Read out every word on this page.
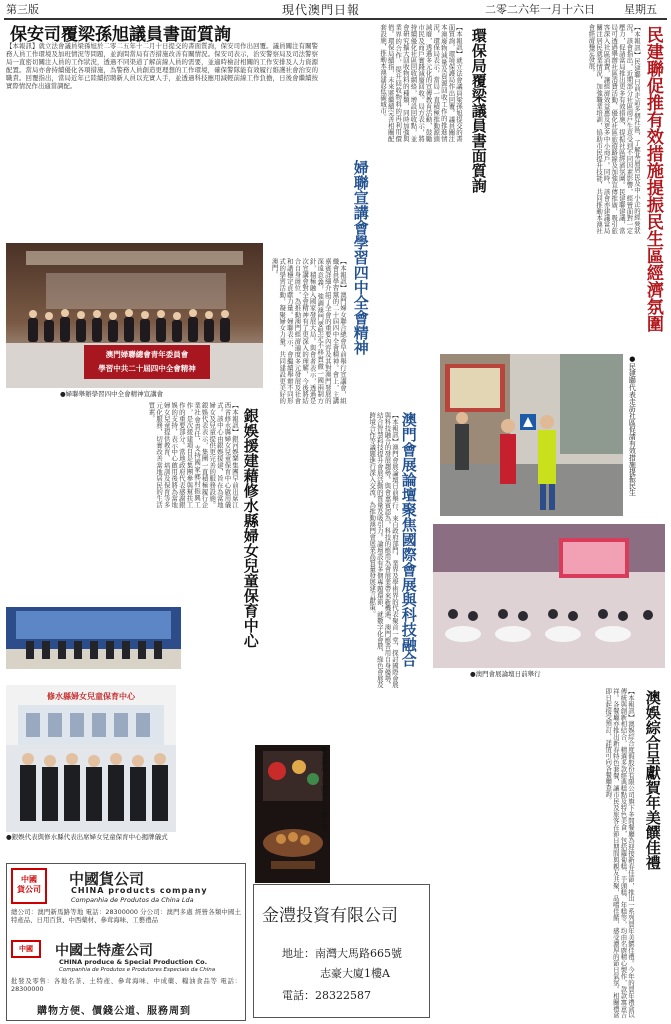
第三版	現代澳門日報	二零二六年一月十六日	星期五
保安司覆梁孫旭議員書面質詢
【本報訊】就立法會議員梁孫旭於二零二五年十二月十日提交的書面質詢，保安司作出回覆。議員關注有關警務人員工作環境及加班情況等問題，並詢問當局有否措施改善有關情況。保安司表示，治安警察局及司法警察局一直密切關注人員的工作狀況，透過不同渠道了解前線人員的需要，並適時檢討相關的工作安排及人力資源配置。當局亦會持續優化各項措施，為警務人員創造更理想的工作環境，確保警隊能有效履行維護社會治安的職責。回覆指出，當局近年已陸續招聘新人員以充實人手，並透過科技應用減輕前線工作負擔，日後會繼續按實際情況作出適當調配。	【本報訊】就立法會議員梁孫旭提交的書面質詢，環境保護局作出回覆。議員關注本澳廢物減量及資源回收工作的推進情況，環保局表示，當局一直積極推動源頭減廢，透過多元化的宣傳教育活動，鼓勵市民及商戶實踐減廢回收。局方表示，將持續優化社區回收網絡，增設回收點，並會研究擴大回收物料的種類，同時加強與業界的合作，提升回收物料的再利用價值。環保局續指，未來將繼續完善相關配套設施，推動本澳建設低碳城市。	環保局覆梁議員書面質詢	【本報訊】民建聯日前走訪多個社區，了解基層居民及中小企的經營狀況。該會指出，近期部分社區商戶生意受到不同因素影響，經營面對一定壓力，促請當局推出更多有效措施，提振社區經濟氛圍。民建聯建議，當局可透過舉辦社區消費活動、優化社區旅遊路線及加強宣傳推廣，吸引旅客深入社區消費，讓經濟效益惠及更多中小商戶。同時，該會亦建議當局關注居民就業情況，加強職業培訓，協助市民提升技能，共同推動本澳社會經濟穩定發展。	民建聯促推有效措施提振民生區經濟氛圍
澳門婦聯總會青年委員會
學習中共二十屆四中全會精神
●婦聯舉辦學習四中全會精神宣講會	【本報訊】澳門婦女聯合總會早前舉行宣講會，組織會員學習黨的二十屆四中全會精神。會上，主講嘉賓詳細介紹了全會的重要內容及其對澳門發展的深遠意義，強調澳門要堅定不移貫徹一國兩制方針，積極融入國家發展大局。與會者表示，透過是次宣講會對全會精神有了更深入的理解，今後將結合自身崗位，為推動澳門經濟適度多元發展及社會和諧穩定貢獻力量。婦聯表示，會繼續舉辦不同形式的學習活動，凝聚婦女力量，共同建設更美好的澳門。	婦聯宣講會學習四中全會精神
●民建聯代表走訪社區促請有效措施提振民生
【本報訊】澳門會展論壇日前舉行，來自政府部門、業界及學術界的代表聚首一堂，探討國際會展與科技融合的發展趨勢。與會嘉賓認為，科技的應用為會展業帶來新機遇，澳門應善用自身優勢，結合智慧科技提升會展活動的質量及吸引力。論壇設有多個專題環節，就數字化會展、綠色會展及跨境合作等議題進行深入交流，為推動澳門會展業高質量發展建言獻策。	澳門會展論壇聚焦國際會展與科技融合
銀娛援建藉修水縣婦女兒童保育中心
【本報訊】銀河娛樂集團早前出席江西省修水縣婦女兒童保育中心啟用儀式。該中心由銀娛援建，旨在為當地婦女及兒童提供更完善的服務設施。銀娛代表表示，集團一直積極履行企業社會責任，支持國家鄉村振興工作，是次援建項目是集團參與幫扶工作的重要部分。當地政府代表感謝銀娛的支持，表示中心啟用後將為當地婦女兒童提供教育、培訓及保育等多元化服務，切實改善當地居民的生活質素。
修水縣婦女兒童保育中心
●銀娛代表與修水縣代表出席婦女兒童保育中心揭牌儀式
●澳門會展論壇日前舉行
【本報訊】澳娛綜合度假股份有限公司旗下多間餐廳為迎接新春佳節，推出一系列賀年美饌佳禮。今年的賀年禮盒以傳統與創新相結合，精選多款經典糕點及特色美食，包括蘿蔔糕、芋頭糕、年糕等，均由名廚精心製作，款款寓意吉祥。各餐廳亦推出新春特色套餐，讓市民及旅客在節日期間與親友共聚，品嚐佳餚，感受濃厚的節日氣氛。相關禮盒即日起接受預訂，詳情可向各餐廳查詢。	澳娛綜合呈獻賀年美饌佳禮
●澳娛綜合呈獻賀年美饌佳禮
中國
貨公司
中國貨公司
CHINA products company
Companhia de Produtos da China Lda
總公司：澳門新馬路等地 電話：28300000 分公司：澳門多處 經營各類中國土特產品、日用百貨、中西藥材、參茸海味、工藝禮品
中國	中國土特產公司
CHINA produce & Special Production Co.
Companhia de Produtos e Produtores Especiais da China
批發及零售：各地名茶、土特產、參茸海味、中成藥、糧油食品等 電話：28300000
購物方便、價錢公道、服務周到
金澧投資有限公司
地址：南灣大馬路665號
志豪大廈1樓A
電話：28322587
